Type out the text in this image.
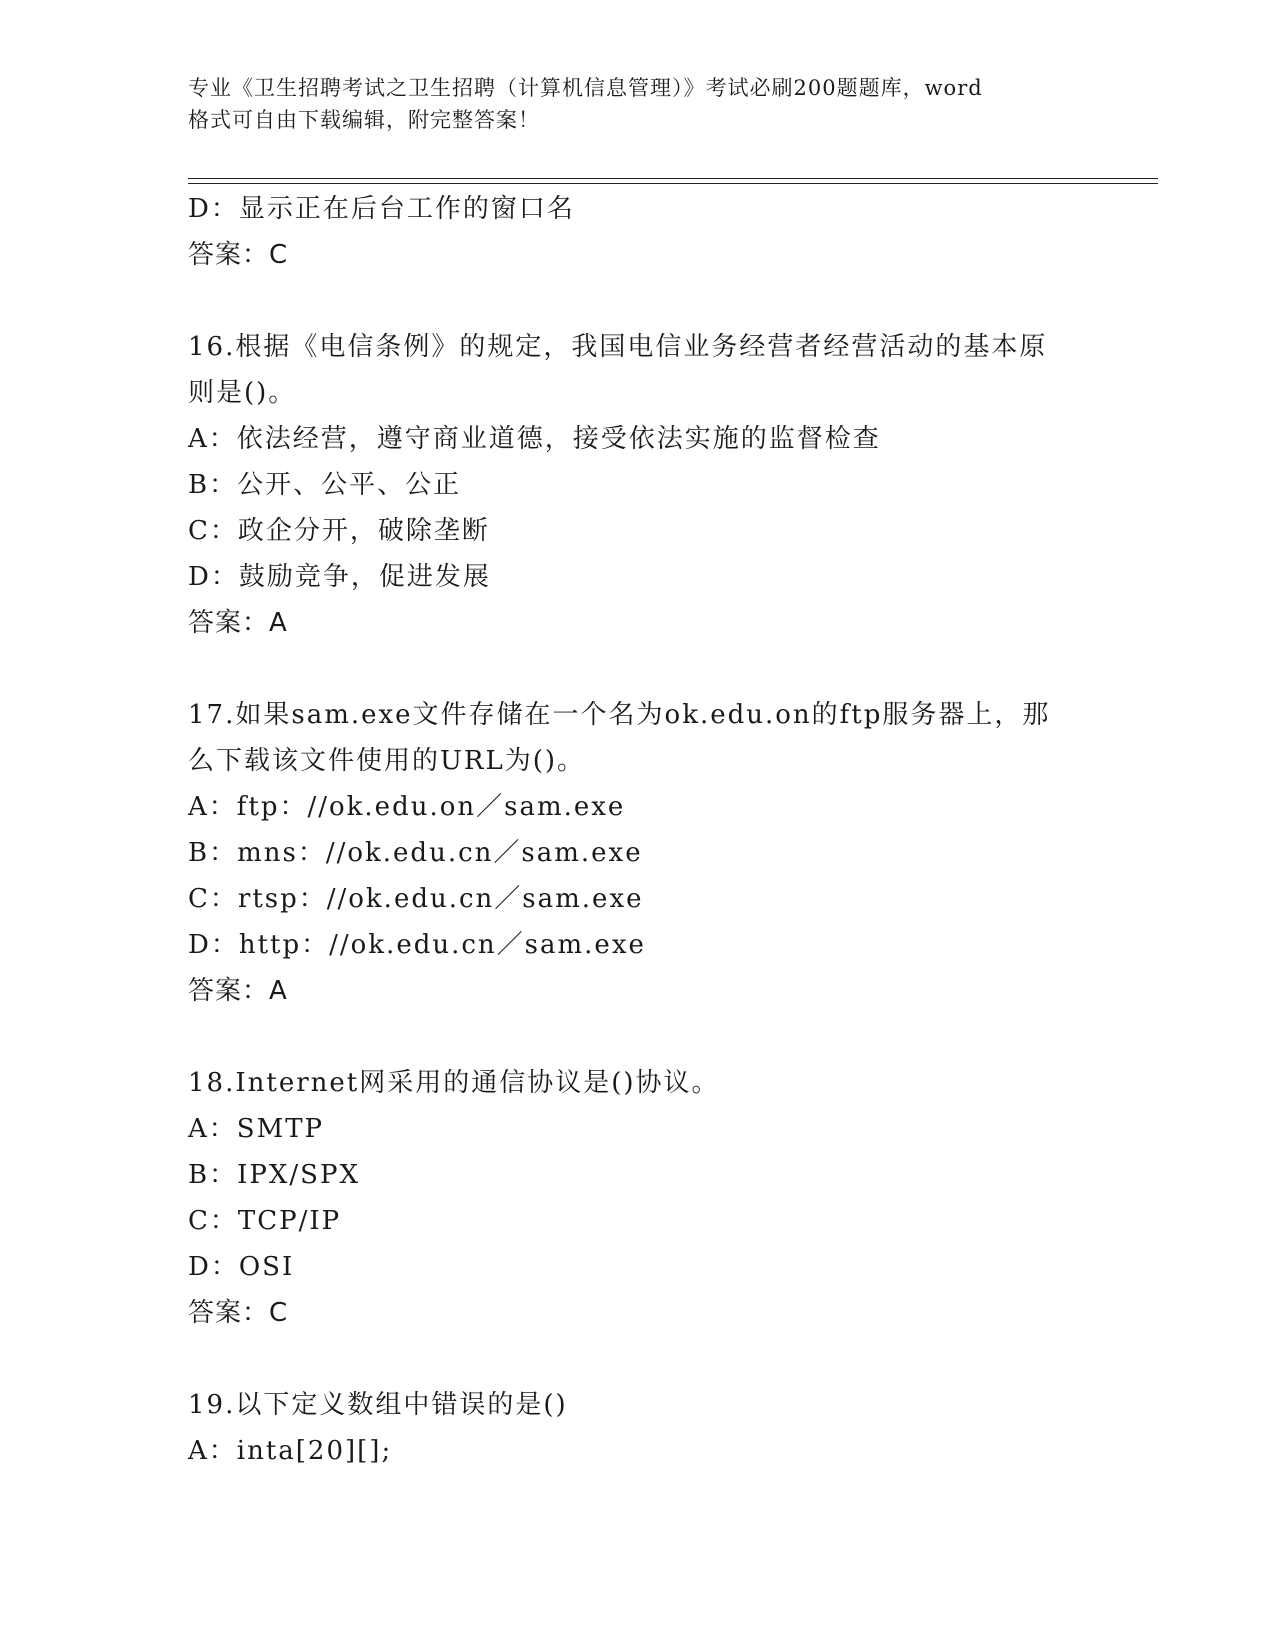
专业《卫生招聘考试之卫生招聘（计算机信息管理）》考试必刷200题题库，word
格式可自由下载编辑，附完整答案！
D：显示正在后台工作的窗口名
答案：C
16.根据《电信条例》的规定，我国电信业务经营者经营活动的基本原
则是()。
A：依法经营，遵守商业道德，接受依法实施的监督检查
B：公开、公平、公正
C：政企分开，破除垄断
D：鼓励竞争，促进发展
答案：A
17.如果sam.exe文件存储在一个名为ok.edu.on的ftp服务器上，那
么下载该文件使用的URL为()。
A：ftp：//ok.edu.on／sam.exe
B：mns：//ok.edu.cn／sam.exe
C：rtsp：//ok.edu.cn／sam.exe
D：http：//ok.edu.cn／sam.exe
答案：A
18.Internet网采用的通信协议是()协议。
A：SMTP
B：IPX/SPX
C：TCP/IP
D：OSI
答案：C
19.以下定义数组中错误的是()
A：inta[20][];
